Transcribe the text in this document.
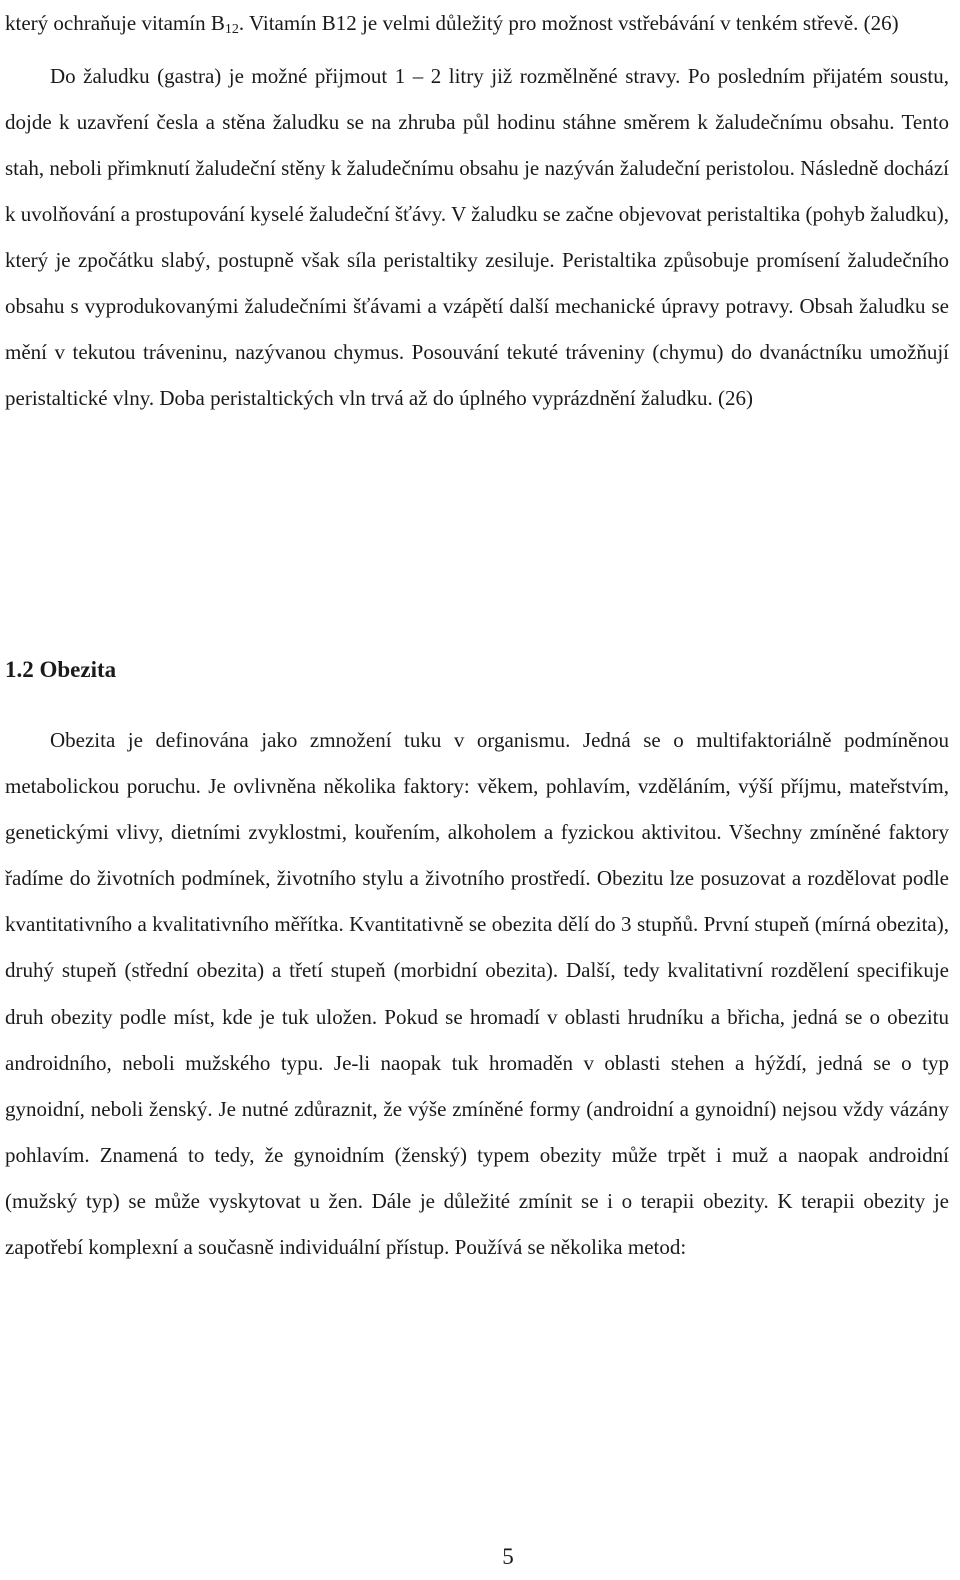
který ochraňuje vitamín $B_{12}$. Vitamín B12 je velmi důležitý pro možnost vstřebávání v tenkém střevě. (26)

Do žaludku (gastra) je možné přijmout 1 – 2 litry již rozmělněné stravy. Po posledním přijatém soustu, dojde k uzavření česla a stěna žaludku se na zhruba půl hodinu stáhne směrem k žaludečnímu obsahu. Tento stah, neboli přimknutí žaludeční stěny k žaludečnímu obsahu je nazýván žaludeční peristolou. Následně dochází k uvolňování a prostupování kyselé žaludeční šťávy. V žaludku se začne objevovat peristaltika (pohyb žaludku), který je zpočátku slabý, postupně však síla peristaltiky zesiluje. Peristaltika způsobuje promísení žaludečního obsahu s vyprodukovanými žaludečními šťávami a vzápětí další mechanické úpravy potravy. Obsah žaludku se mění v tekutou tráveninu, nazývanou chymus. Posouvání tekuté tráveniny (chymu) do dvanáctníku umožňují peristaltické vlny. Doba peristaltických vln trvá až do úplného vyprázdnění žaludku. (26)

1.2 Obezita

Obezita je definována jako zmnožení tuku v organismu. Jedná se o multifaktoriálně podmíněnou metabolickou poruchu. Je ovlivněna několika faktory: věkem, pohlavím, vzděláním, výší příjmu, mateřstvím, genetickými vlivy, dietními zvyklostmi, kouřením, alkoholem a fyzickou aktivitou. Všechny zmíněné faktory řadíme do životních podmínek, životního stylu a životního prostředí. Obezitu lze posuzovat a rozdělovat podle kvantitativního a kvalitativního měřítka. Kvantitativně se obezita dělí do 3 stupňů. První stupeň (mírná obezita), druhý stupeň (střední obezita) a třetí stupeň (morbidní obezita). Další, tedy kvalitativní rozdělení specifikuje druh obezity podle míst, kde je tuk uložen. Pokud se hromadí v oblasti hrudníku a břicha, jedná se o obezitu androidního, neboli mužského typu. Je-li naopak tuk hromaděn v oblasti stehen a hýždí, jedná se o typ gynoidní, neboli ženský. Je nutné zdůraznit, že výše zmíněné formy (androidní a gynoidní) nejsou vždy vázány pohlavím. Znamená to tedy, že gynoidním (ženský) typem obezity může trpět i muž a naopak androidní (mužský typ) se může vyskytovat u žen. Dále je důležité zmínit se i o terapii obezity. K terapii obezity je zapotřebí komplexní a současně individuální přístup. Používá se několika metod:

5
